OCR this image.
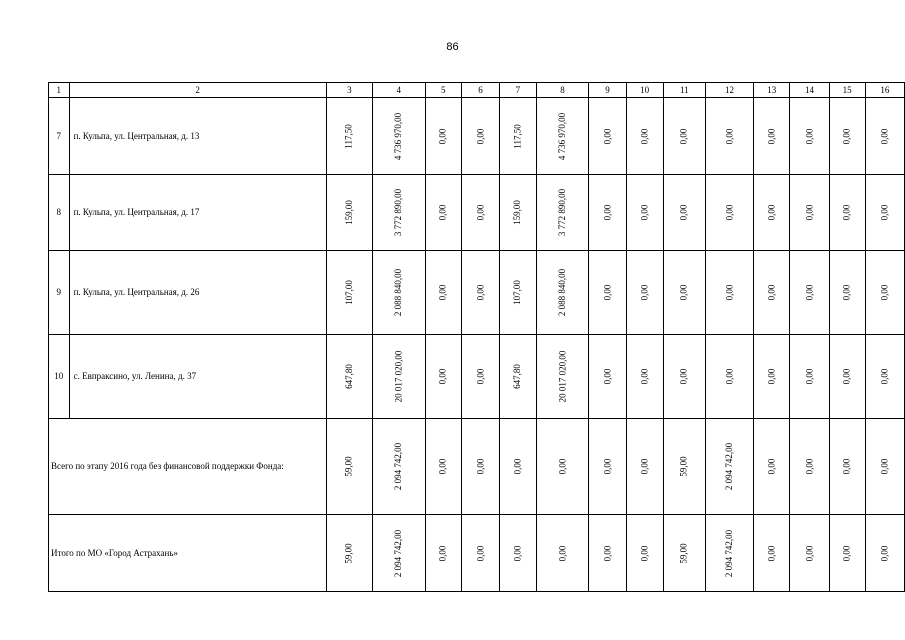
86
1	2	3	4	5	6	7	8	9	10	11	12	13	14	15	16
7	п. Кульпа, ул. Центральная, д. 13	117,50	4 736 970,00	0,00	0,00	117,50	4 736 970,00	0,00	0,00	0,00	0,00	0,00	0,00	0,00	0,00
8	п. Кульпа, ул. Центральная, д. 17	159,00	3 772 890,00	0,00	0,00	159,00	3 772 890,00	0,00	0,00	0,00	0,00	0,00	0,00	0,00	0,00
9	п. Кульпа, ул. Центральная, д. 26	107,00	2 088 840,00	0,00	0,00	107,00	2 088 840,00	0,00	0,00	0,00	0,00	0,00	0,00	0,00	0,00
10	с. Евпраксино, ул. Ленина, д. 37	647,80	20 017 020,00	0,00	0,00	647,80	20 017 020,00	0,00	0,00	0,00	0,00	0,00	0,00	0,00	0,00
Всего по этапу 2016 года без финансовой поддержки Фонда:		59,00	2 094 742,00	0,00	0,00	0,00	0,00	0,00	0,00	59,00	2 094 742,00	0,00	0,00	0,00	0,00
Итого по МО «Город Астрахань»		59,00	2 094 742,00	0,00	0,00	0,00	0,00	0,00	0,00	59,00	2 094 742,00	0,00	0,00	0,00	0,00
